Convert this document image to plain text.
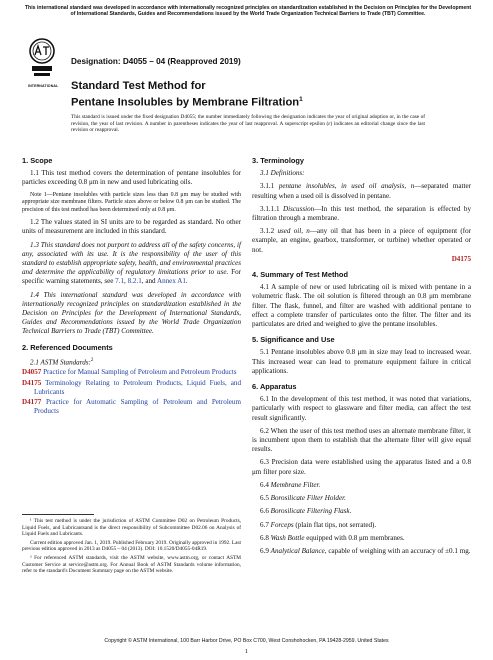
This international standard was developed in accordance with internationally recognized principles on standardization established in the Decision on Principles for the Development of International Standards, Guides and Recommendations issued by the World Trade Organization Technical Barriers to Trade (TBT) Committee.
INTERNATIONAL
Designation: D4055 – 04 (Reapproved 2019)
Standard Test Method for
Pentane Insolubles by Membrane Filtration$^1$
This standard is issued under the fixed designation D4055; the number immediately following the designation indicates the year of original adoption or, in the case of revision, the year of last revision. A number in parentheses indicates the year of last reapproval. A superscript epsilon (ε) indicates an editorial change since the last revision or reapproval.
1. Scope

1.1 This test method covers the determination of pentane insolubles for particles exceeding 0.8 μm in new and used lubricating oils.

Note 1—Pentane insolubles with particle sizes less than 0.8 μm may be studied with appropriate size membrane filters. Particle sizes above or below 0.8 μm can be studied. The precision of this test method has been determined only at 0.8 μm.

1.2 The values stated in SI units are to be regarded as standard. No other units of measurement are included in this standard.

1.3 This standard does not purport to address all of the safety concerns, if any, associated with its use. It is the responsibility of the user of this standard to establish appropriate safety, health, and environmental practices and determine the applicability of regulatory limitations prior to use. For specific warning statements, see 7.1, 8.2.1, and Annex A1.

1.4 This international standard was developed in accordance with internationally recognized principles on standardization established in the Decision on Principles for the Development of International Standards, Guides and Recommendations issued by the World Trade Organization Technical Barriers to Trade (TBT) Committee.

2. Referenced Documents

2.1 ASTM Standards:$^2$

D4057 Practice for Manual Sampling of Petroleum and Petroleum Products
D4175 Terminology Relating to Petroleum Products, Liquid Fuels, and Lubricants
D4177 Practice for Automatic Sampling of Petroleum and Petroleum Products

¹ This test method is under the jurisdiction of ASTM Committee D02 on Petroleum Products, Liquid Fuels, and Lubricantsand is the direct responsibility of Subcommittee D02.06 on Analysis of Liquid Fuels and Lubricants.

Current edition approved Jan. 1, 2019. Published February 2019. Originally approved in 1992. Last previous edition approved in 2013 as D4055 – 04 (2013). DOI: 10.1520/D4055-04R19.

² For referenced ASTM standards, visit the ASTM website, www.astm.org, or contact ASTM Customer Service at service@astm.org. For Annual Book of ASTM Standards volume information, refer to the standard's Document Summary page on the ASTM website.

3. Terminology

3.1 Definitions:

3.1.1 pentane insolubles, in used oil analysis, n—separated matter resulting when a used oil is dissolved in pentane.

3.1.1.1 Discussion—In this test method, the separation is effected by filtration through a membrane.

3.1.2 used oil, n—any oil that has been in a piece of equipment (for example, an engine, gearbox, transformer, or turbine) whether operated or not.

D4175
4. Summary of Test Method

4.1 A sample of new or used lubricating oil is mixed with pentane in a volumetric flask. The oil solution is filtered through an 0.8 μm membrane filter. The flask, funnel, and filter are washed with additional pentane to effect a complete transfer of particulates onto the filter. The filter and its particulates are dried and weighed to give the pentane insolubles.

5. Significance and Use

5.1 Pentane insolubles above 0.8 μm in size may lead to increased wear. This increased wear can lead to premature equipment failure in critical applications.

6. Apparatus

6.1 In the development of this test method, it was noted that variations, particularly with respect to glassware and filter media, can affect the test result significantly.

6.2 When the user of this test method uses an alternate membrane filter, it is incumbent upon them to establish that the alternate filter will give equal results.

6.3 Precision data were established using the apparatus listed and a 0.8 μm filter pore size.

6.4 Membrane Filter.

6.5 Borosilicate Filter Holder.

6.6 Borosilicate Filtering Flask.

6.7 Forceps (plain flat tips, not serrated).

6.8 Wash Bottle equipped with 0.8 μm membranes.

6.9 Analytical Balance, capable of weighing with an accuracy of ±0.1 mg.

Copyright © ASTM International, 100 Barr Harbor Drive, PO Box C700, West Conshohocken, PA 19428-2959. United States
1
